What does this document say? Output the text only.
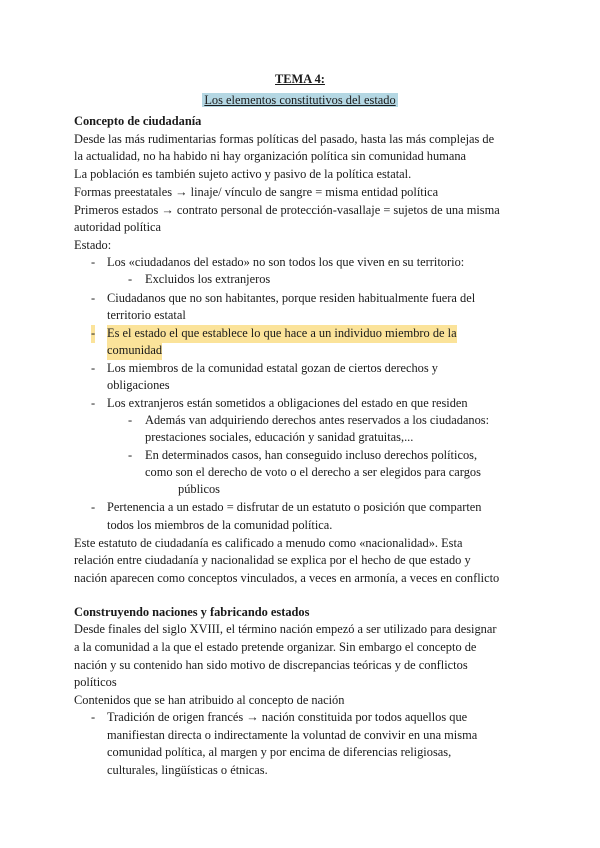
TEMA 4:
Los elementos constitutivos del estado
Concepto de ciudadanía
Desde las más rudimentarias formas políticas del pasado, hasta las más complejas de
la actualidad, no ha habido ni hay organización política sin comunidad humana
La población es también sujeto activo y pasivo de la política estatal.
Formas preestatales → linaje/ vínculo de sangre = misma entidad política
Primeros estados → contrato personal de protección-vasallaje = sujetos de una misma
autoridad política
Estado:
- Los «ciudadanos del estado» no son todos los que viven en su territorio:
- Excluidos los extranjeros
- Ciudadanos que no son habitantes, porque residen habitualmente fuera del
territorio estatal
- Es el estado el que establece lo que hace a un individuo miembro de la
comunidad
- Los miembros de la comunidad estatal gozan de ciertos derechos y
obligaciones
- Los extranjeros están sometidos a obligaciones del estado en que residen
- Además van adquiriendo derechos antes reservados a los ciudadanos:
prestaciones sociales, educación y sanidad gratuitas,...
- En determinados casos, han conseguido incluso derechos políticos,
como son el derecho de voto o el derecho a ser elegidos para cargos
públicos
- Pertenencia a un estado = disfrutar de un estatuto o posición que comparten
todos los miembros de la comunidad política.
Este estatuto de ciudadanía es calificado a menudo como «nacionalidad». Esta
relación entre ciudadanía y nacionalidad se explica por el hecho de que estado y
nación aparecen como conceptos vinculados, a veces en armonía, a veces en conflicto
Construyendo naciones y fabricando estados
Desde finales del siglo XVIII, el término nación empezó a ser utilizado para designar
a la comunidad a la que el estado pretende organizar. Sin embargo el concepto de
nación y su contenido han sido motivo de discrepancias teóricas y de conflictos
políticos
Contenidos que se han atribuido al concepto de nación
- Tradición de origen francés → nación constituida por todos aquellos que
manifiestan directa o indirectamente la voluntad de convivir en una misma
comunidad política, al margen y por encima de diferencias religiosas,
culturales, lingüísticas o étnicas.
